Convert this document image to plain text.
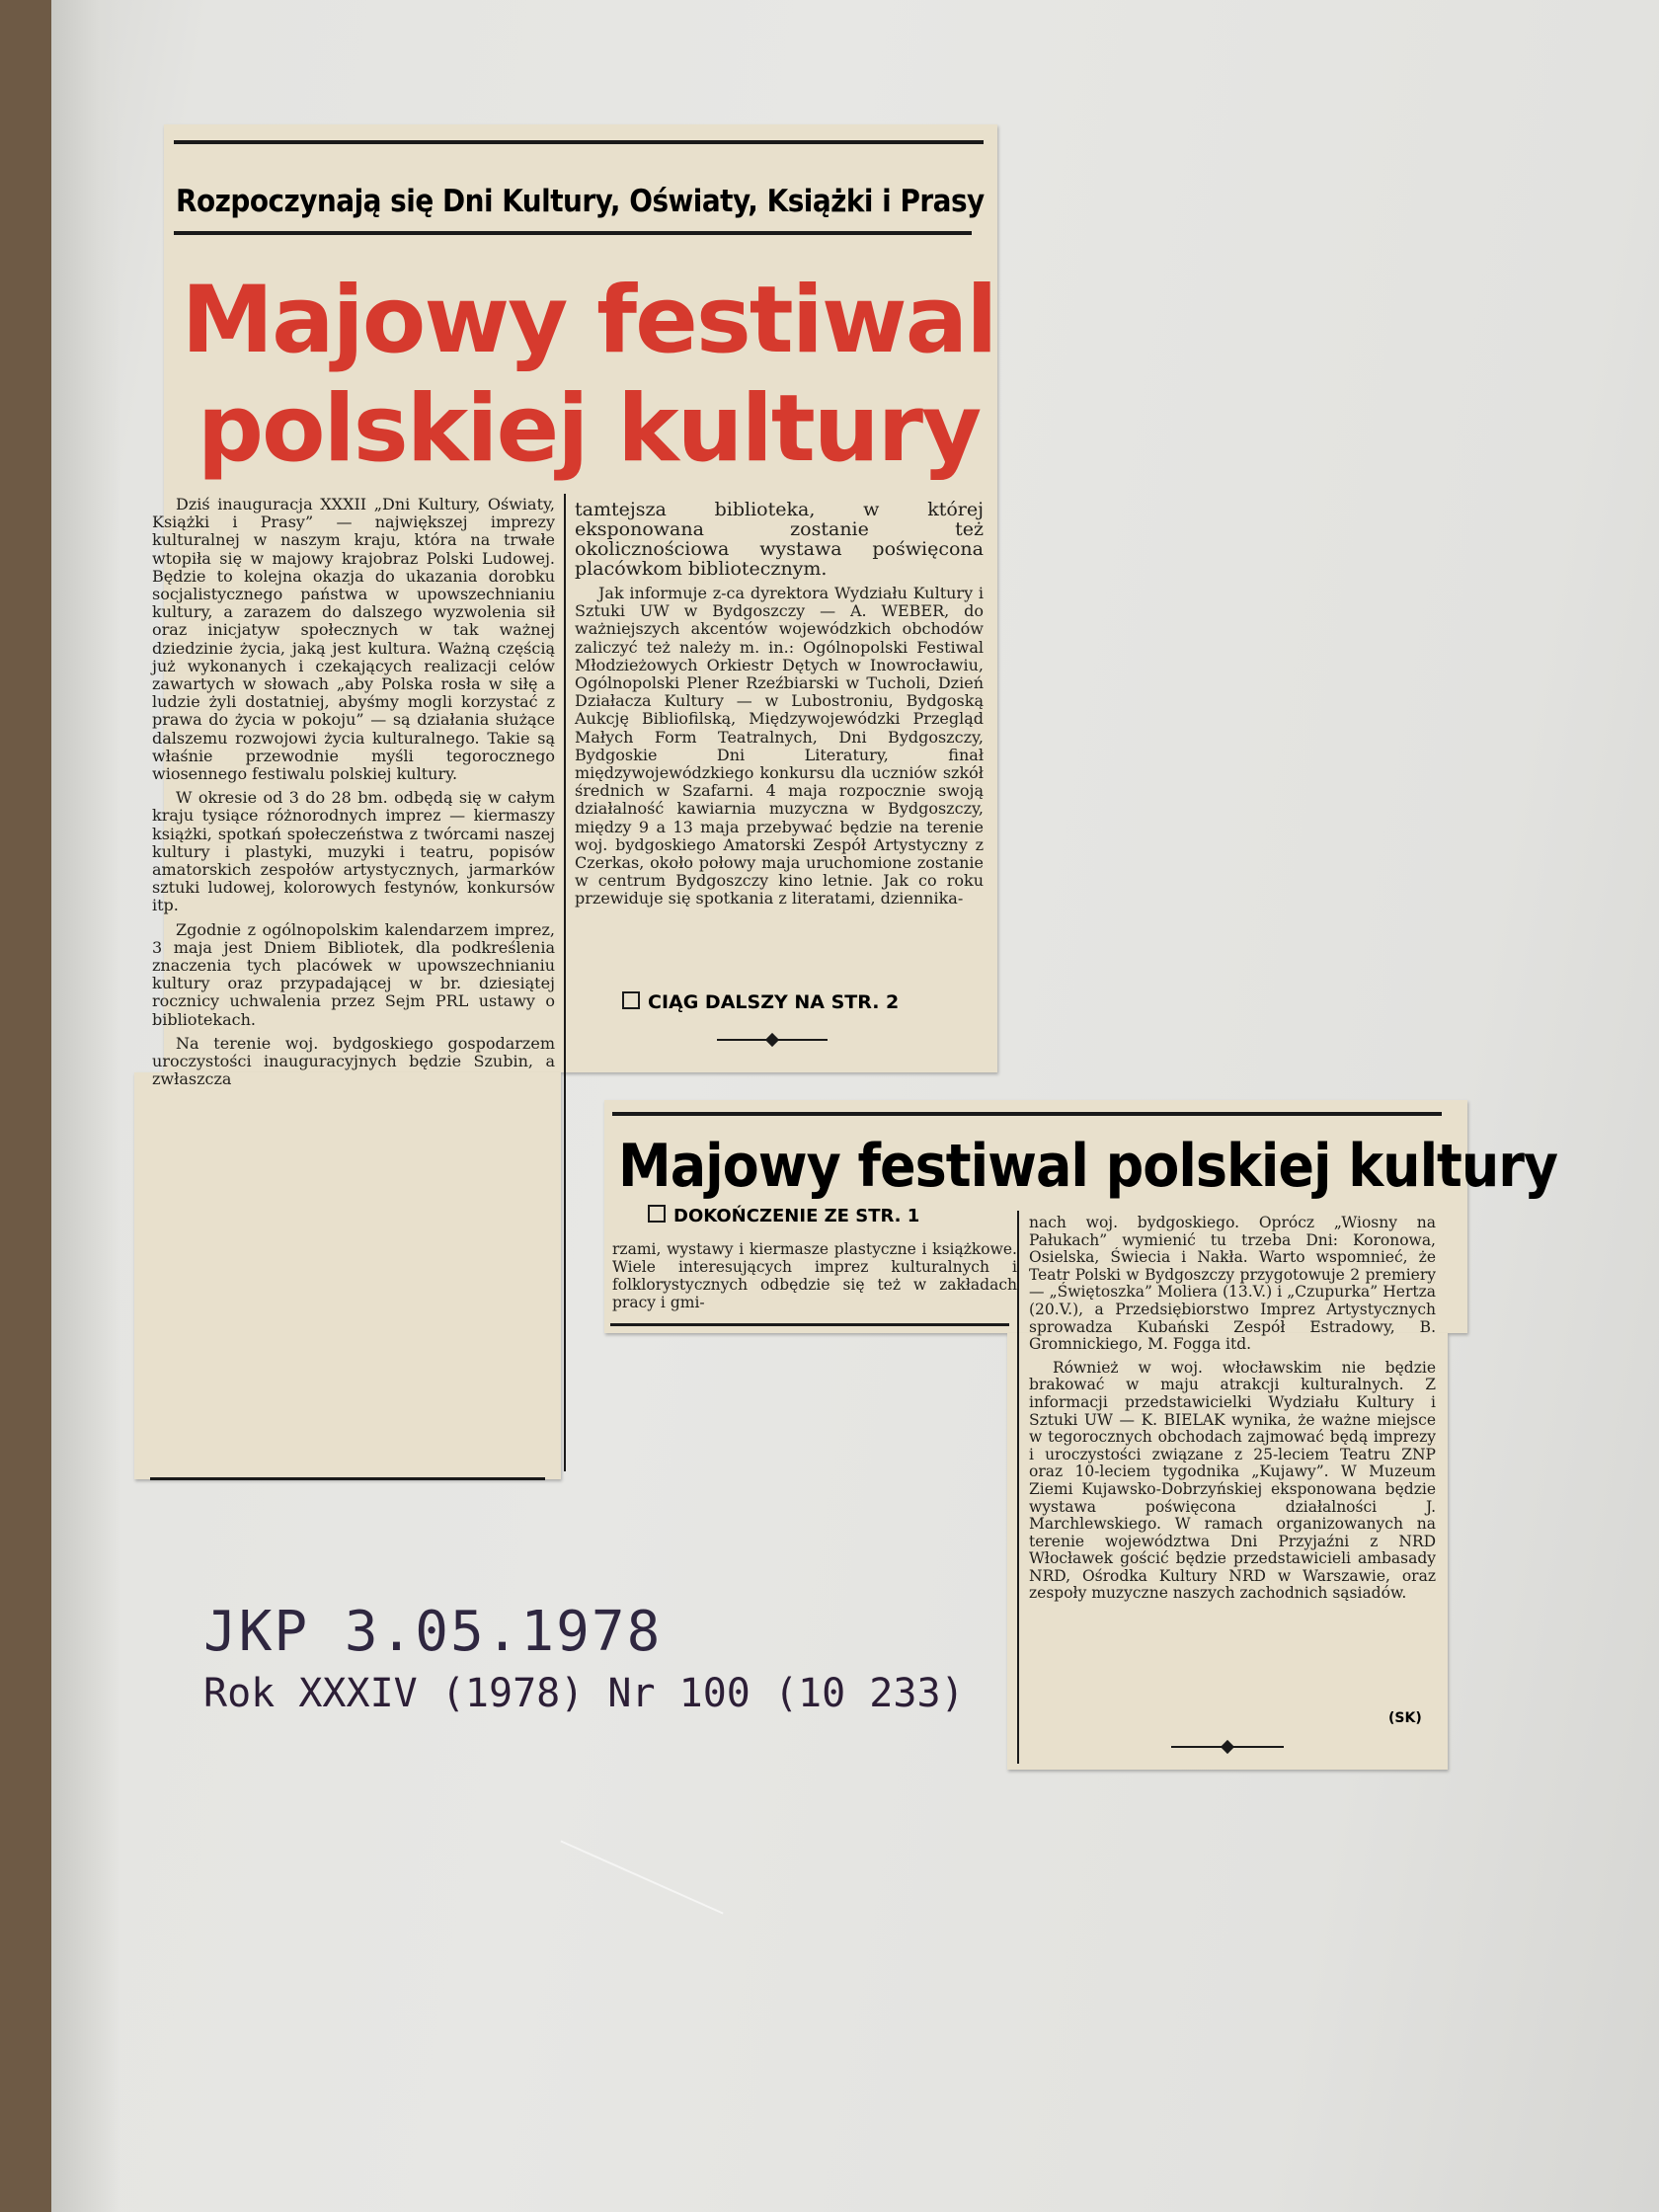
Rozpoczynają się Dni Kultury, Oświaty, Książki i Prasy
Majowy festiwal
polskiej kultury

Dziś inauguracja XXXII „Dni Kultury, Oświaty, Książki i Prasy” — największej imprezy kulturalnej w naszym kraju, która na trwałe wtopiła się w majowy krajobraz Polski Ludowej. Będzie to kolejna okazja do ukazania dorobku socjalistycznego państwa w upowszechnianiu kultury, a zarazem do dalszego wyzwolenia sił oraz inicjatyw społecznych w tak ważnej dziedzinie życia, jaką jest kultura. Ważną częścią już wykonanych i czekających realizacji celów zawartych w słowach „aby Polska rosła w siłę a ludzie żyli dostatniej, abyśmy mogli korzystać z prawa do życia w pokoju” — są działania służące dalszemu rozwojowi życia kulturalnego. Takie są właśnie przewodnie myśli tegorocznego wiosennego festiwalu polskiej kultury.

W okresie od 3 do 28 bm. odbędą się w całym kraju tysiące różnorodnych imprez — kiermaszy książki, spotkań społeczeństwa z twórcami naszej kultury i plastyki, muzyki i teatru, popisów amatorskich zespołów artystycznych, jarmarków sztuki ludowej, kolorowych festynów, konkursów itp.

Zgodnie z ogólnopolskim kalendarzem imprez, 3 maja jest Dniem Bibliotek, dla podkreślenia znaczenia tych placówek w upowszechnianiu kultury oraz przypadającej w br. dziesiątej rocznicy uchwalenia przez Sejm PRL ustawy o bibliotekach.

Na terenie woj. bydgoskiego gospodarzem uroczystości inauguracyjnych będzie Szubin, a zwłaszcza

tamtejsza biblioteka, w której eksponowana zostanie też okolicznościowa wystawa poświęcona placówkom bibliotecznym.

Jak informuje z-ca dyrektora Wydziału Kultury i Sztuki UW w Bydgoszczy — A. WEBER, do ważniejszych akcentów wojewódzkich obchodów zaliczyć też należy m. in.: Ogólnopolski Festiwal Młodzieżowych Orkiestr Dętych w Inowrocławiu, Ogólnopolski Plener Rzeźbiarski w Tucholi, Dzień Działacza Kultury — w Lubostroniu, Bydgoską Aukcję Bibliofilską, Międzywojewódzki Przegląd Małych Form Teatralnych, Dni Bydgoszczy, Bydgoskie Dni Literatury, finał międzywojewódzkiego konkursu dla uczniów szkół średnich w Szafarni. 4 maja rozpocznie swoją działalność kawiarnia muzyczna w Bydgoszczy, między 9 a 13 maja przebywać będzie na terenie woj. bydgoskiego Amatorski Zespół Artystyczny z Czerkas, około połowy maja uruchomione zostanie w centrum Bydgoszczy kino letnie. Jak co roku przewiduje się spotkania z literatami, dziennika-

CIĄG DALSZY NA STR. 2
Majowy festiwal polskiej kultury
DOKOŃCZENIE ZE STR. 1

rzami, wystawy i kiermasze plastyczne i książkowe. Wiele interesujących imprez kulturalnych i folklorystycznych odbędzie się też w zakładach pracy i gmi-

nach woj. bydgoskiego. Oprócz „Wiosny na Pałukach” wymienić tu trzeba Dni: Koronowa, Osielska, Świecia i Nakła. Warto wspomnieć, że Teatr Polski w Bydgoszczy przygotowuje 2 premiery — „Świętoszka” Moliera (13.V.) i „Czupurka” Hertza (20.V.), a Przedsiębiorstwo Imprez Artystycznych sprowadza Kubański Zespół Estradowy, B. Gromnickiego, M. Fogga itd.

Również w woj. włocławskim nie będzie brakować w maju atrakcji kulturalnych. Z informacji przedstawicielki Wydziału Kultury i Sztuki UW — K. BIELAK wynika, że ważne miejsce w tegorocznych obchodach zajmować będą imprezy i uroczystości związane z 25-leciem Teatru ZNP oraz 10-leciem tygodnika „Kujawy”. W Muzeum Ziemi Kujawsko-Dobrzyńskiej eksponowana będzie wystawa poświęcona działalności J. Marchlewskiego. W ramach organizowanych na terenie województwa Dni Przyjaźni z NRD Włocławek gościć będzie przedstawicieli ambasady NRD, Ośrodka Kultury NRD w Warszawie, oraz zespoły muzyczne naszych zachodnich sąsiadów.

(SK)
JKP 3.05.1978
Rok XXXIV (1978) Nr 100 (10 233)
